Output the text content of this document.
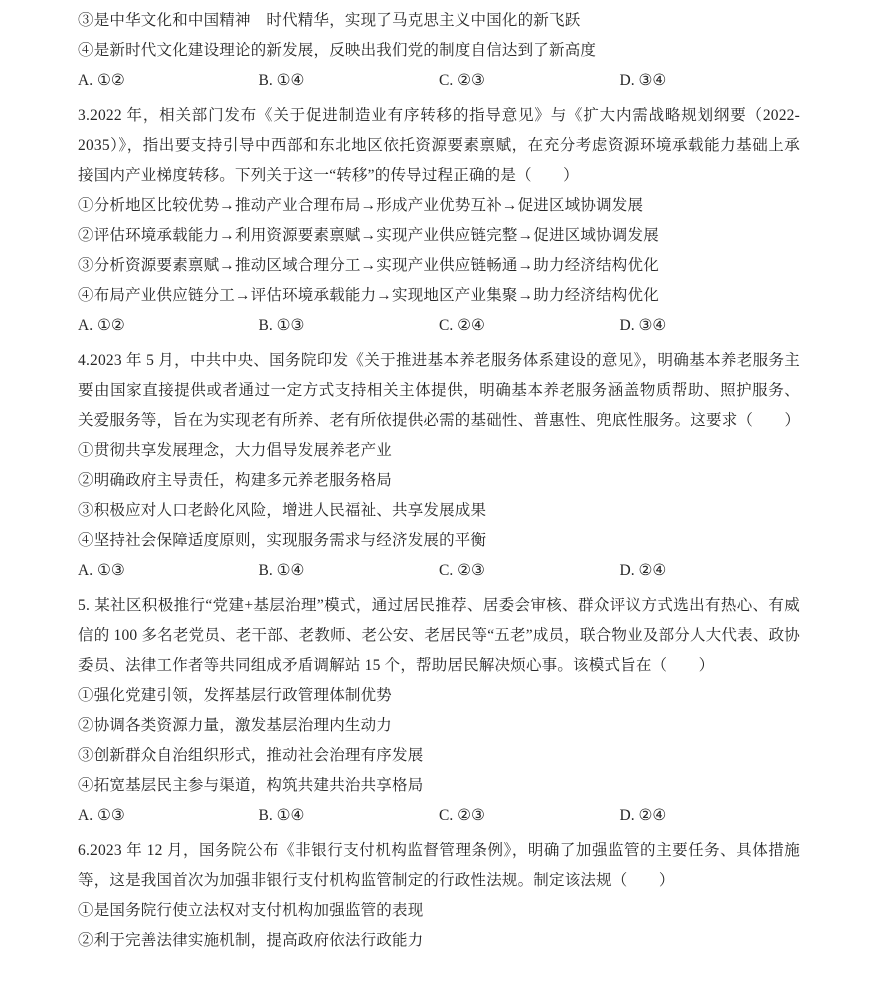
③是中华文化和中国精神　时代精华，实现了马克思主义中国化的新飞跃

④是新时代文化建设理论的新发展，反映出我们党的制度自信达到了新高度

A. ①②	B. ①④	C. ②③	D. ③④

3.2022 年，相关部门发布《关于促进制造业有序转移的指导意见》与《扩大内需战略规划纲要（2022-2035）》，指出要支持引导中西部和东北地区依托资源要素禀赋，在充分考虑资源环境承载能力基础上承接国内产业梯度转移。下列关于这一“转移”的传导过程正确的是（　　）

①分析地区比较优势→推动产业合理布局→形成产业优势互补→促进区域协调发展

②评估环境承载能力→利用资源要素禀赋→实现产业供应链完整→促进区域协调发展

③分析资源要素禀赋→推动区域合理分工→实现产业供应链畅通→助力经济结构优化

④布局产业供应链分工→评估环境承载能力→实现地区产业集聚→助力经济结构优化

A. ①②	B. ①③	C. ②④	D. ③④

4.2023 年 5 月，中共中央、国务院印发《关于推进基本养老服务体系建设的意见》，明确基本养老服务主要由国家直接提供或者通过一定方式支持相关主体提供，明确基本养老服务涵盖物质帮助、照护服务、关爱服务等，旨在为实现老有所养、老有所依提供必需的基础性、普惠性、兜底性服务。这要求（　　）

①贯彻共享发展理念，大力倡导发展养老产业

②明确政府主导责任，构建多元养老服务格局

③积极应对人口老龄化风险，增进人民福祉、共享发展成果

④坚持社会保障适度原则，实现服务需求与经济发展的平衡

A. ①③	B. ①④	C. ②③	D. ②④

5. 某社区积极推行“党建+基层治理”模式，通过居民推荐、居委会审核、群众评议方式选出有热心、有威信的 100 多名老党员、老干部、老教师、老公安、老居民等“五老”成员，联合物业及部分人大代表、政协委员、法律工作者等共同组成矛盾调解站 15 个，帮助居民解决烦心事。该模式旨在（　　）

①强化党建引领，发挥基层行政管理体制优势

②协调各类资源力量，激发基层治理内生动力

③创新群众自治组织形式，推动社会治理有序发展

④拓宽基层民主参与渠道，构筑共建共治共享格局

A. ①③	B. ①④	C. ②③	D. ②④

6.2023 年 12 月，国务院公布《非银行支付机构监督管理条例》，明确了加强监管的主要任务、具体措施等，这是我国首次为加强非银行支付机构监管制定的行政性法规。制定该法规（　　）

①是国务院行使立法权对支付机构加强监管的表现

②利于完善法律实施机制，提高政府依法行政能力
